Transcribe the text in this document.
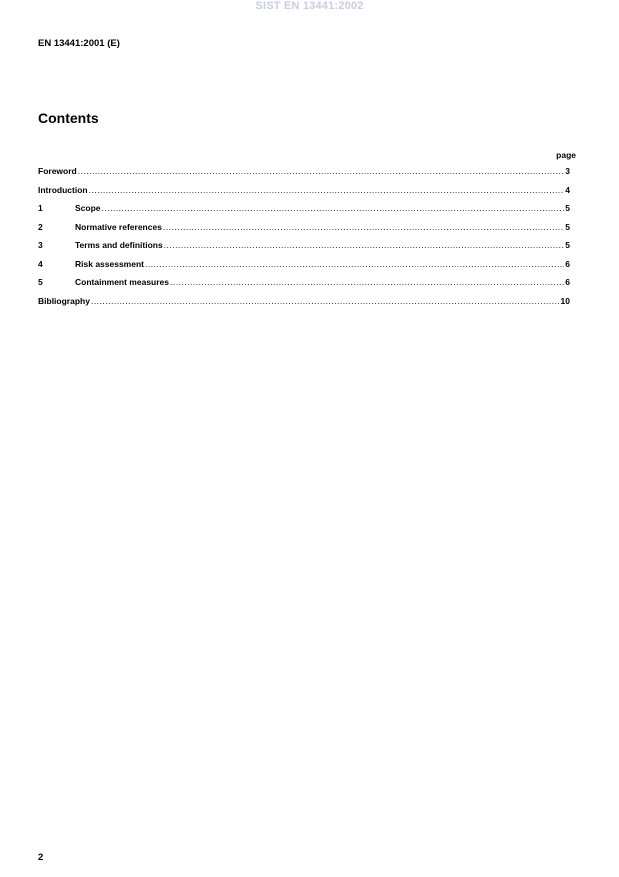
SIST EN 13441:2002
EN 13441:2001 (E)
Contents
page
Foreword .....	3
Introduction .....	4
1	Scope .....	5
2	Normative references .....	5
3	Terms and definitions .....	5
4	Risk assessment .....	6
5	Containment measures .....	6
Bibliography .....	10
2
